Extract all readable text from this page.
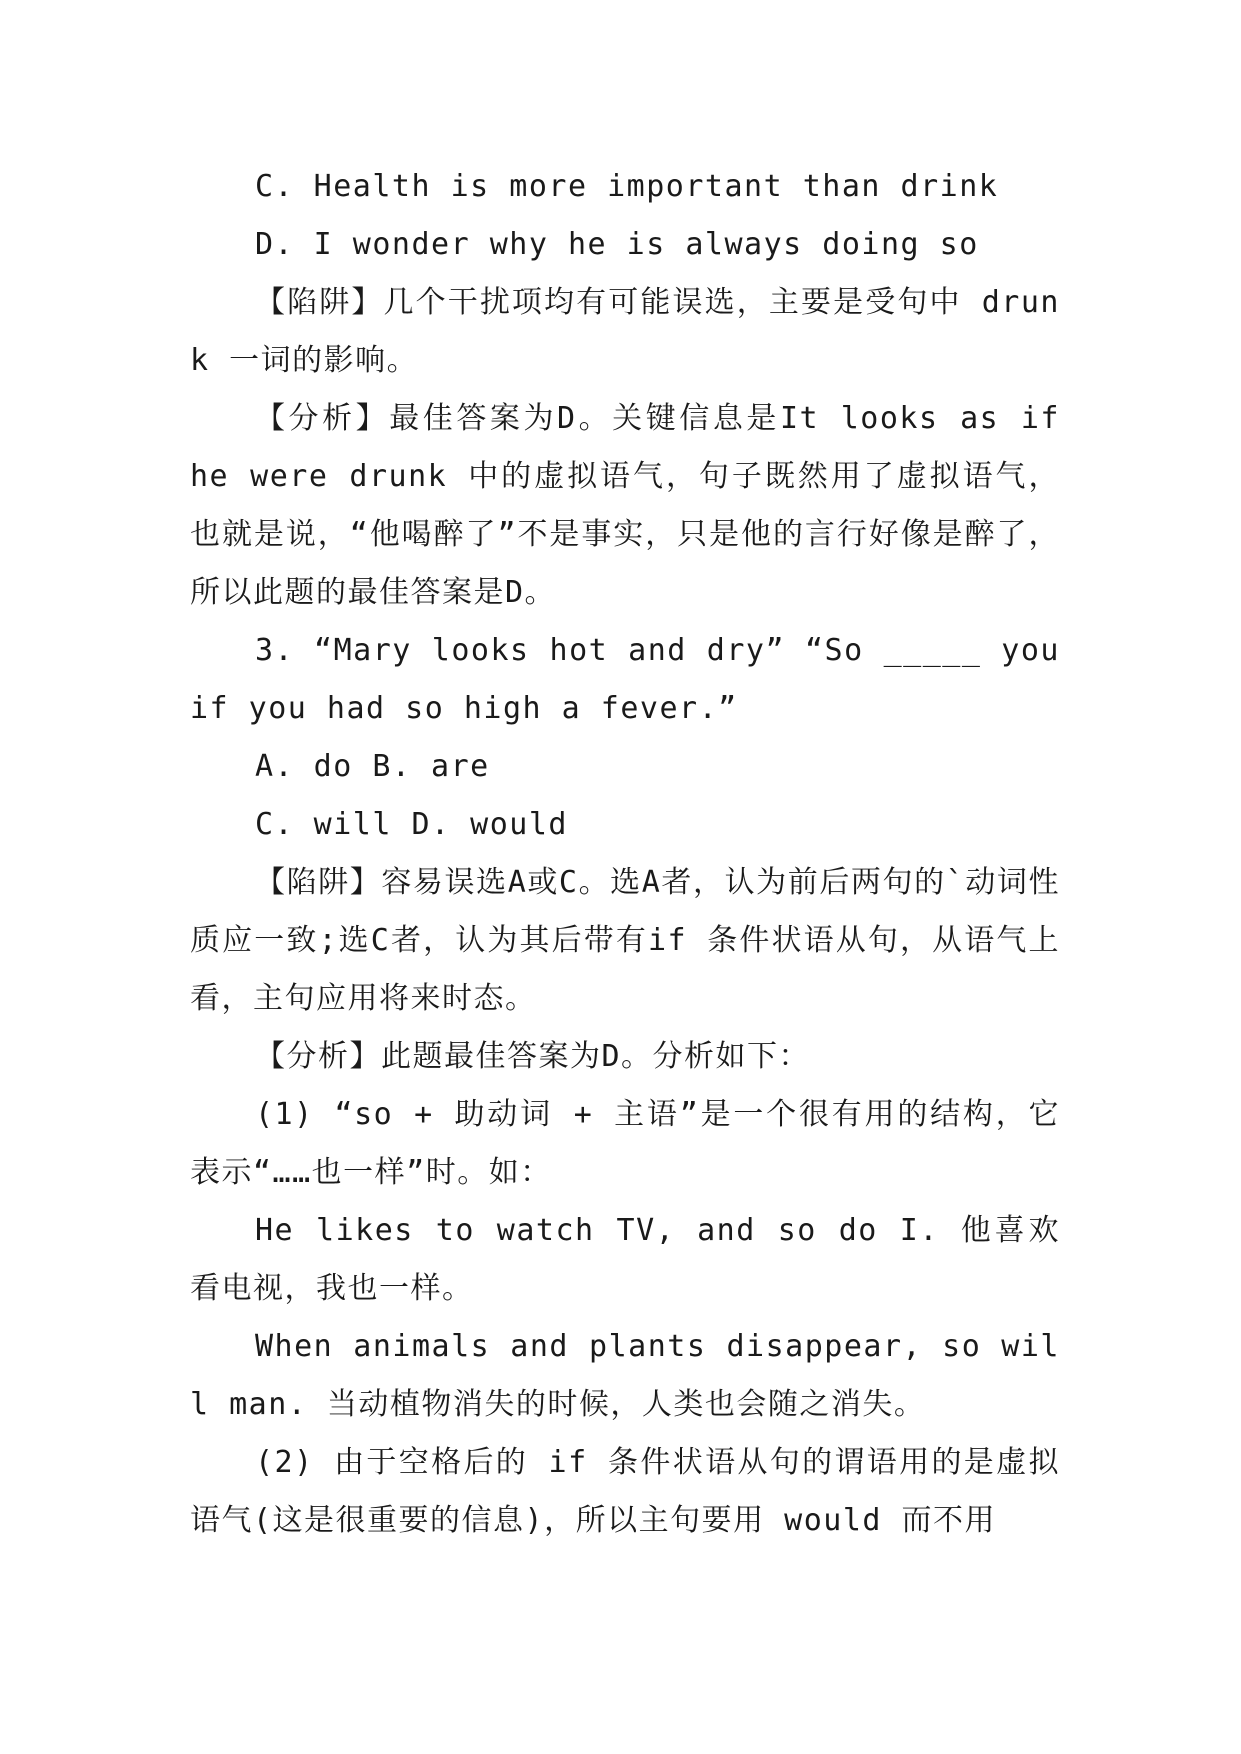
C. Health is more important than drink

D. I wonder why he is always doing so

【陷阱】几个干扰项均有可能误选，主要是受句中 drunk 一词的影响。

【分析】最佳答案为D。关键信息是It looks as if he were drunk 中的虚拟语气，句子既然用了虚拟语气，也就是说，“他喝醉了”不是事实，只是他的言行好像是醉了，所以此题的最佳答案是D。

3. “Mary looks hot and dry” “So _____ you if you had so high a fever.”

A. do B. are

C. will D. would

【陷阱】容易误选A或C。选A者，认为前后两句的`动词性质应一致;选C者，认为其后带有if 条件状语从句，从语气上看，主句应用将来时态。

【分析】此题最佳答案为D。分析如下：

(1) “so + 助动词 + 主语”是一个很有用的结构，它表示“……也一样”时。如：

He likes to watch TV, and so do I. 他喜欢看电视，我也一样。

When animals and plants disappear, so will man. 当动植物消失的时候，人类也会随之消失。

(2) 由于空格后的 if 条件状语从句的谓语用的是虚拟语气(这是很重要的信息)，所以主句要用 would 而不用
